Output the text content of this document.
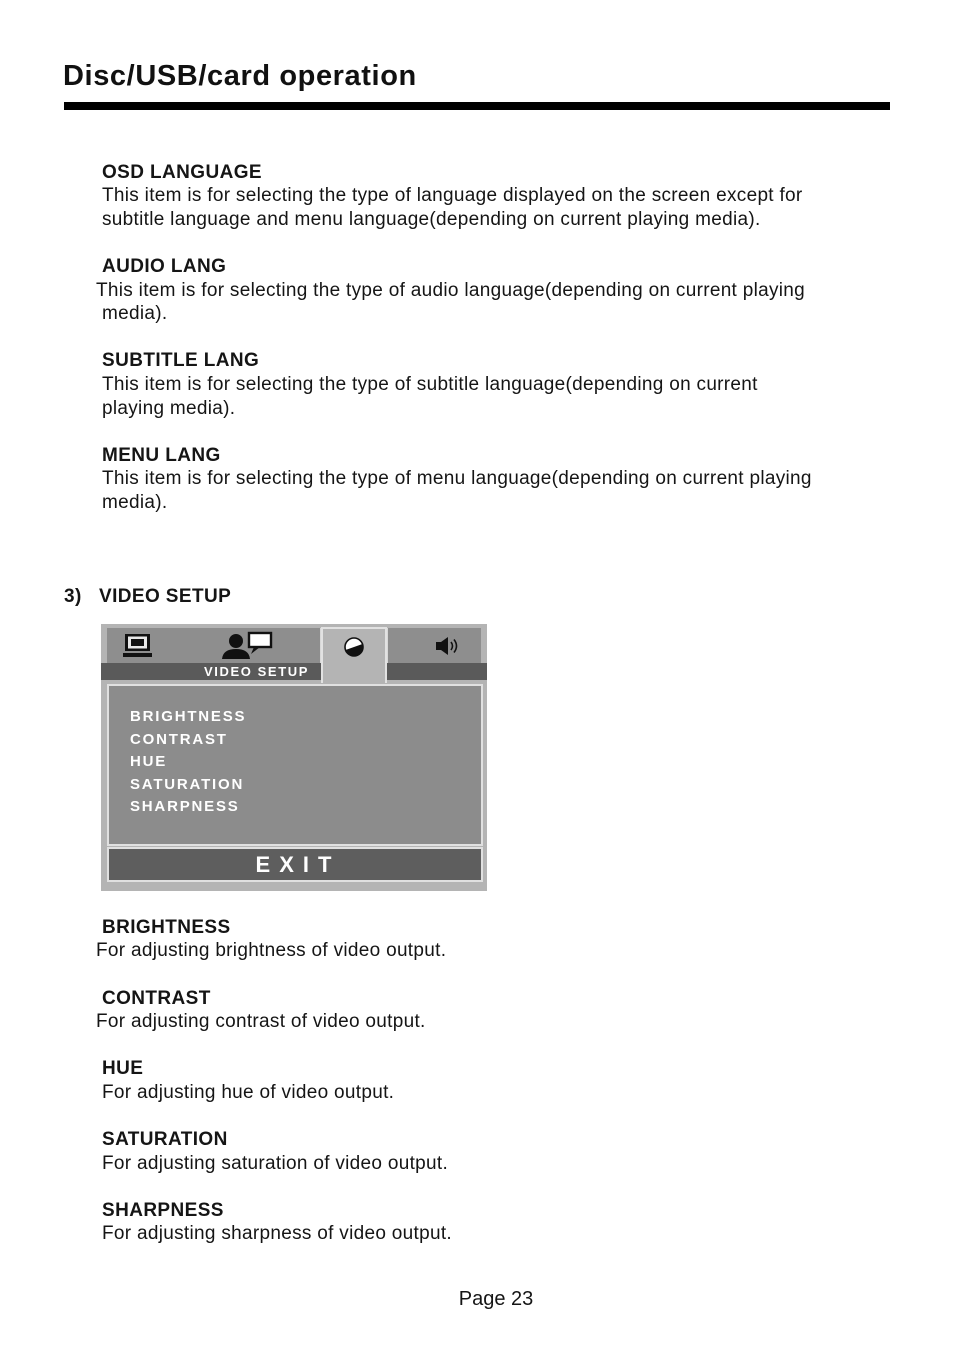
Disc/USB/card operation

OSD LANGUAGE

This item is for selecting the type of language displayed on the screen except for

subtitle language and menu language(depending on current playing media).

AUDIO LANG

This item is for selecting the type of audio language(depending on current playing

media).

SUBTITLE LANG

This item is for selecting the type of subtitle language(depending on current

playing media).

MENU LANG

This item is for selecting the type of menu language(depending on current playing

media).

3) VIDEO SETUP

VIDEO SETUP
BRIGHTNESS
CONTRAST
HUE
SATURATION
SHARPNESS
EXIT

BRIGHTNESS

For adjusting brightness of video output.

CONTRAST

For adjusting contrast of video output.

HUE

For adjusting hue of video output.

SATURATION

For adjusting saturation of video output.

SHARPNESS

For adjusting sharpness of video output.

Page 23
